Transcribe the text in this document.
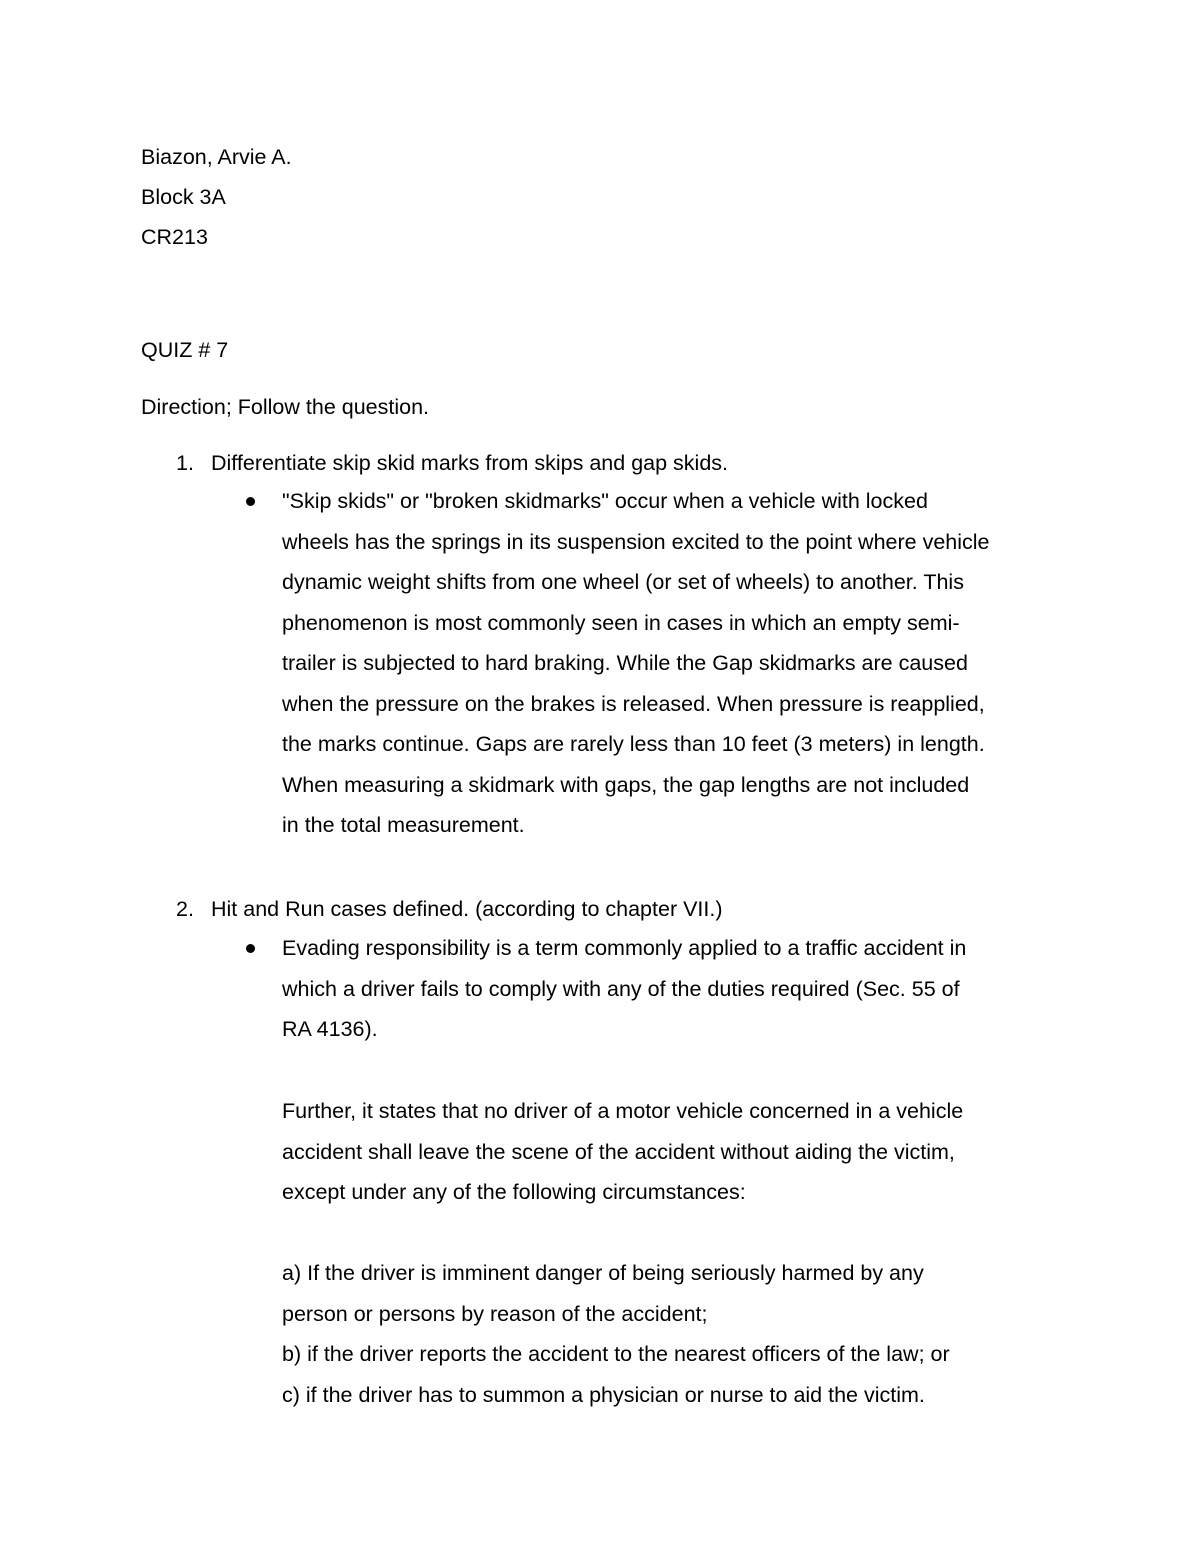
Biazon, Arvie A.
Block 3A
CR213
QUIZ # 7
Direction; Follow the question.
1. Differentiate skip skid marks from skips and gap skids.
"Skip skids" or "broken skidmarks" occur when a vehicle with locked
wheels has the springs in its suspension excited to the point where vehicle
dynamic weight shifts from one wheel (or set of wheels) to another. This
phenomenon is most commonly seen in cases in which an empty semi-
trailer is subjected to hard braking. While the Gap skidmarks are caused
when the pressure on the brakes is released. When pressure is reapplied,
the marks continue. Gaps are rarely less than 10 feet (3 meters) in length.
When measuring a skidmark with gaps, the gap lengths are not included
in the total measurement.
2. Hit and Run cases defined. (according to chapter VII.)
Evading responsibility is a term commonly applied to a traffic accident in
which a driver fails to comply with any of the duties required (Sec. 55 of
RA 4136).
Further, it states that no driver of a motor vehicle concerned in a vehicle
accident shall leave the scene of the accident without aiding the victim,
except under any of the following circumstances:
a) If the driver is imminent danger of being seriously harmed by any
person or persons by reason of the accident;
b) if the driver reports the accident to the nearest officers of the law; or
c) if the driver has to summon a physician or nurse to aid the victim.
